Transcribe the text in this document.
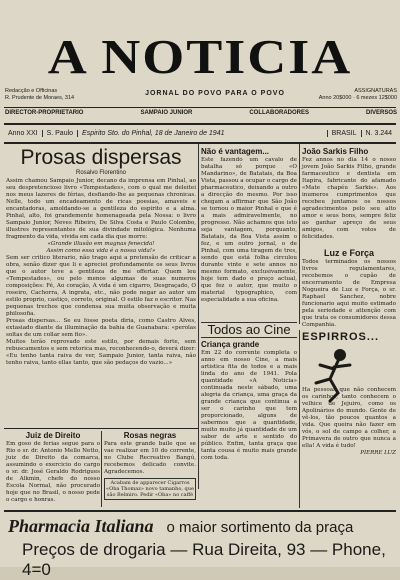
A NOTICIA
Redacção e Officinas
R. Prudente de Moraes, 314
JORNAL DO POVO PARA O POVO	ASSIGNATURAS
Anno 20$000 · 6 mezes 12$000
DIRECTOR-PROPRIETARIO	SAMPAIO JUNIOR	COLLABORADORES	DIVERSOS
Anno XXI	S. Paulo	Espirito Sto. do Pinhal, 18 de Janeiro de 1941	BRASIL	N. 3.244
Prosas dispersas
Rosalvo Florentino
Assim chamou Sampaio Junior, decano da imprensa em Pinhal, ao seu despretencioso livro «Tempestades», com o qual me deleitei nos meus lazeres de férias, desfiando-lhe as pequenas chronicas. Nelle, todo um encadeamento de ricas poesias, amaveis e encantadoras, amoldando-se a gentileza do espirito e a alma. Pinhal, alto, foi grandemente homenageada pela Nossa: o livro Sampaio Junior, Neves Ribeiro, De Silva Costa e Paulo Colombo, illustres representantes de sua divindade mitológica. Nenhuma fragmento da vida, vivida em cada dia que morre:
«Grande illusão em magnas fenecida!
Assim como essa vida é a nossa vida!»
Sem ser critico literario, não trago aqui a pretensão de criticar a obra, senão dizer que li e apreciei profundamente os seus livros que o autor teve a gentileza de me offertar. Quem leu «Tempestades», ou pelo menos algumas de suas numeros composições: Fé, Ao coração, A vida é um cigarro, Desgraçado, O roseiro, Cachorra, A ingrata, etc., não pode negar ao autor um estilo proprio, castiço, correto, original. O estilo faz o escritor. Nas pequenas trechos que condensa sua muita observação e muita philosofia.
Prosas dispersas... Se eu fosse poeta diria, como Castro Alves, extasiado diante da illuminação da bahia de Guanabara: «perolas soltas de um collar sem fio».
Muitos terão reprovado este estilo, por demais forte, sem rebuscamentos e sem retorica mas, reconhecendo-o, deverá dizer: «Eu tenho tanta raiva de ver, Sampaio Junior, tanta raiva, não tenho raiva, tanto ellas tanto, que são pedaços do vazio...»
Não é vantagem...
Este fazendo um cavalo de batalha só porque «O Mandarino», de Batatais, da Boa Vista, passou a ocupar o cargo de pharmaceutico, deixando a outro a direcção do mesmo. Por isso chegam a affirmar que São João se tornou o maior Pinhal e que é a mais admiravelmente, no progresso. Não achamos que isto seja vantagem, porquanto, Batatais, da Boa Vista assim o fez, e um outro jornal, o de Pinhal, com uma tiragem de tres, sendo que está folha circulou durante vinte e sete annos no mesmo formato, exclusivamente, hoje tem dado o preço actual, que fez o autor, que muito o material typographico, com especialidade a sua oficina.
João Sarkis Filho
Fez annos no dia 14 o nosso jovem João Sarkis Filho, grande farmaceutico e dentista em Itapira, fabricante do afamado «Mate chapéu Sarkis». Aos inumeros cumprimentos que recebeu juntamos os nossos agradecimentos pelo seu alto amor e seus bons, sempre feliz ao ganhar apreço de seus amigos, com votos de felicidades.
Luz e Força
Todos terminados os nossos livros regulamentares, recebemos o cupão de encerramento de Empresa Nogueira de Luz e Força, o sr. Raphael Sanchez, nobre funcionario aqui muito estimado pela seriedade e attenção com que trata os consumidores dessa Companhia.
Todos ao Cine
Criança grande
Em 22 do corrente completa o anno em nosso Cine, a mais artistica fita de todos e a mais linda do ano de 1941. Pola quantidade «A Noticia» continuada neste sábado, uma alegria da criança, uma graça da grande criança que continua a ser o carinho que tem proporcionado, alguns de sabermos que a quantidade, muito muito já quantidade de um sabor de arte e sentido do público. Enfim, tanta graça que tanta cousa é muito mais grande com toda.
ESPIRROS...
Ha pessoas que não conhecem os carinhos, tanto conhecem o velhice de Jejuiro, como os Apolinários do mundo. Gente de vê-los, tão poucos quantos a vida. Que queira não fazer em vós, o sol de campo a colher, a Primavera de outro que nunca a ella! A vida é tudo!
PIERRE LUZ
Juiz de Direito
Em goso de ferias segue para o Rio o sr. dr. Antonio Mello Netto, juiz de Direito da comarca, assumindo o exercicio do cargo o sr. dr. José Geraldo Rodrigues de Alkmin, chefe do nosso Escola Normal, não procurado hoje que no Brasil, o nosso pede o cargo e honras.
Rosas negras
Para este grande baile que se vae realizar em 10 do corrente, no Clube Recreativo Bangú, recebemos delicado convite. Agradecemos.
Acabam de apparecer Cigarros «Oba Thomaz» novo tamanho, que são Belmiro. Pedir «Oba» no caffé
Pharmacia Italiana o maior sortimento da praça
Preços de drogaria — Rua Direita, 93 — Phone, 4=0
